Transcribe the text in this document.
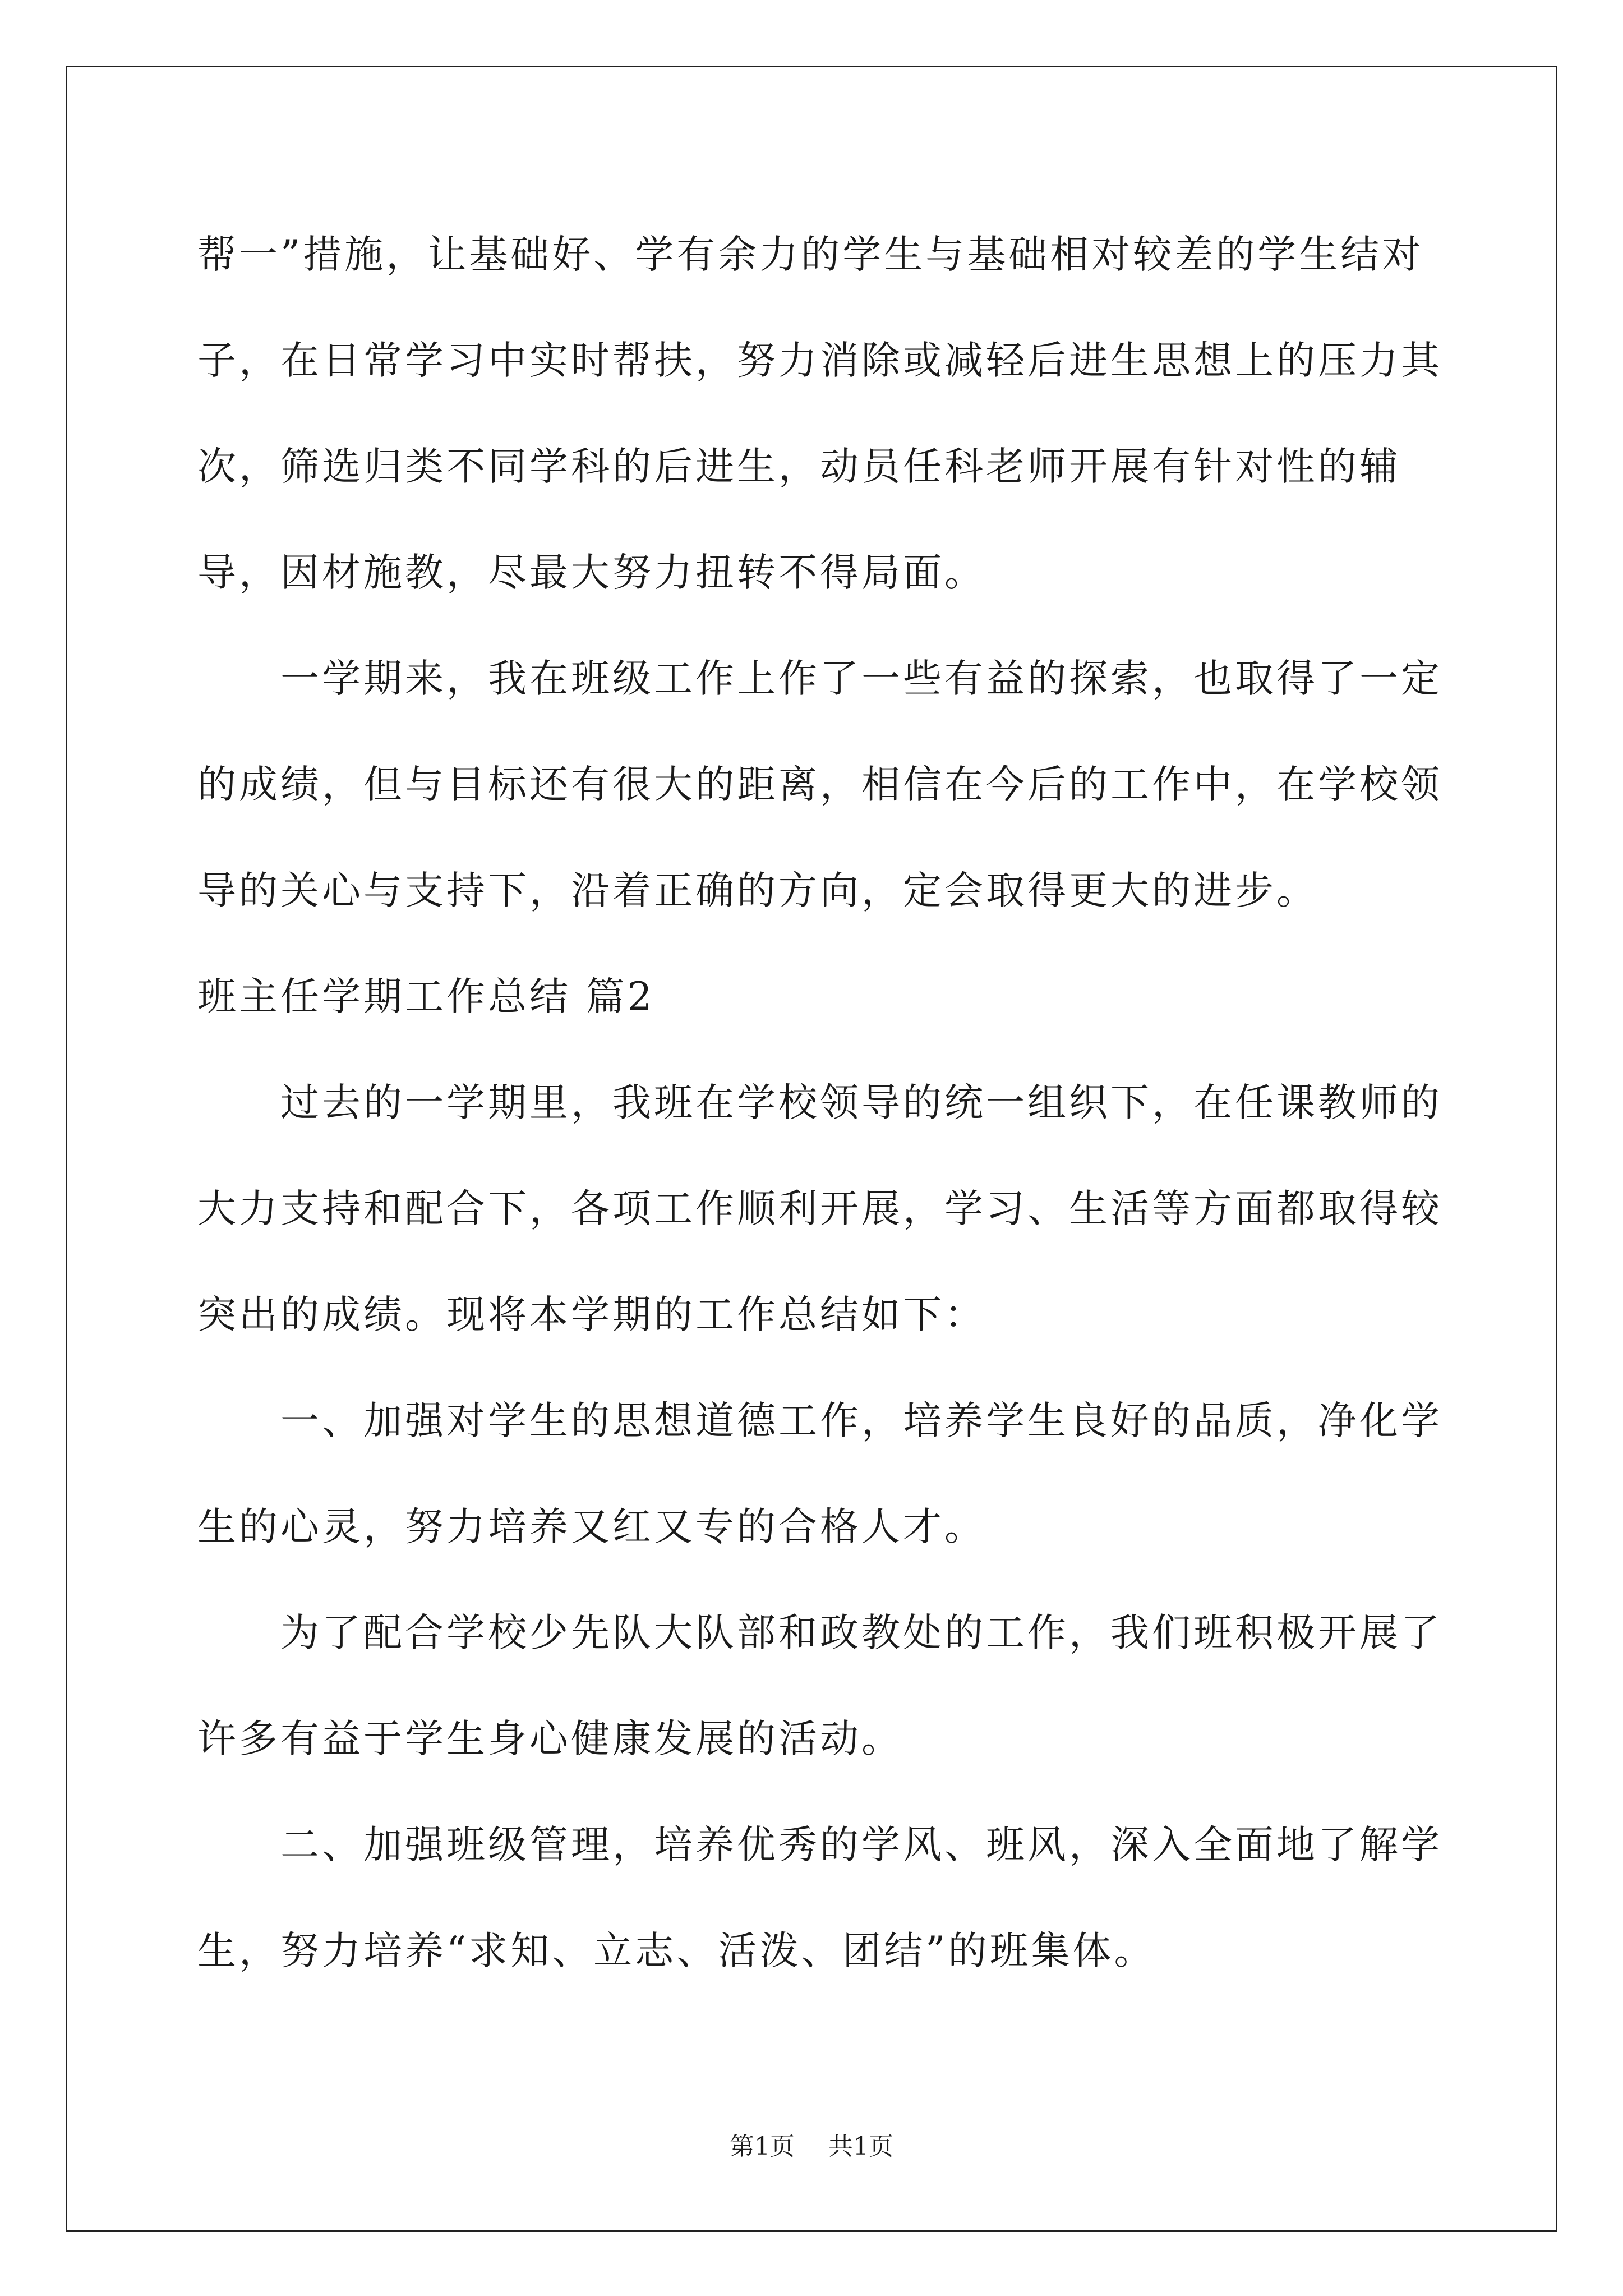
帮一”措施，让基础好、学有余力的学生与基础相对较差的学生结对子，在日常学习中实时帮扶，努力消除或减轻后进生思想上的压力其次，筛选归类不同学科的后进生，动员任科老师开展有针对性的辅导，因材施教，尽最大努力扭转不得局面。

一学期来，我在班级工作上作了一些有益的探索，也取得了一定的成绩，但与目标还有很大的距离，相信在今后的工作中，在学校领导的关心与支持下，沿着正确的方向，定会取得更大的进步。

班主任学期工作总结 篇2

过去的一学期里，我班在学校领导的统一组织下，在任课教师的大力支持和配合下，各项工作顺利开展，学习、生活等方面都取得较突出的成绩。现将本学期的工作总结如下：

一、加强对学生的思想道德工作，培养学生良好的品质，净化学生的心灵，努力培养又红又专的合格人才。

为了配合学校少先队大队部和政教处的工作，我们班积极开展了许多有益于学生身心健康发展的活动。

二、加强班级管理，培养优秀的学风、班风，深入全面地了解学生，努力培养“求知、立志、活泼、团结”的班集体。

第1页 共1页
